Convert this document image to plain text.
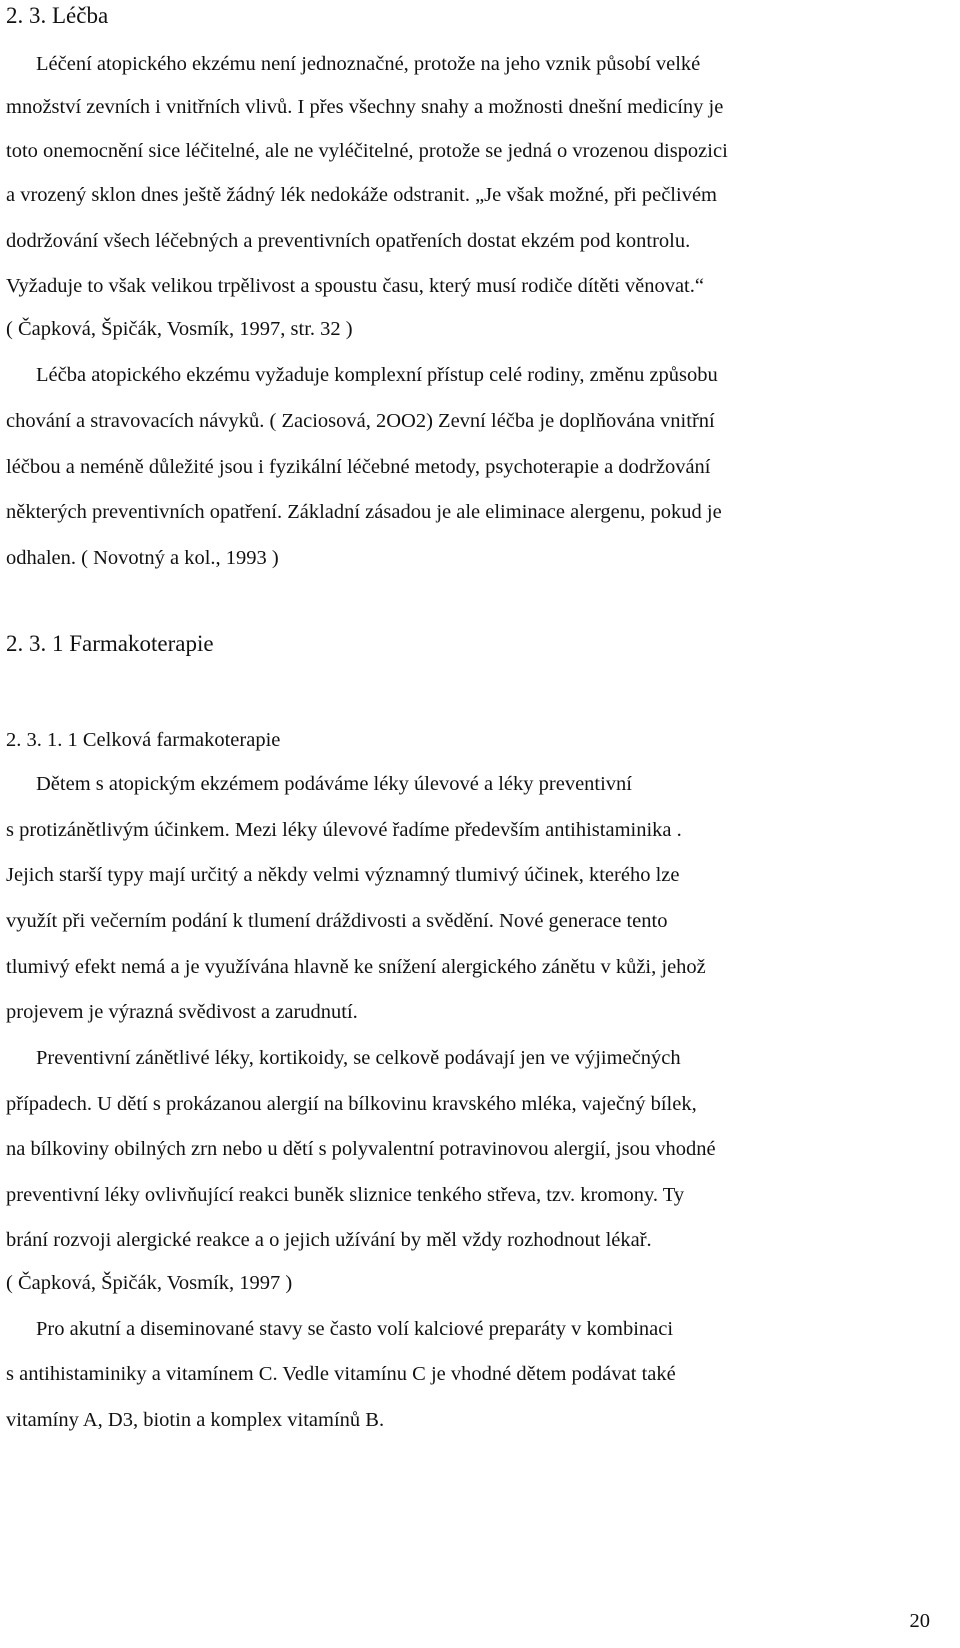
2. 3. Léčba
Léčení atopického ekzému není jednoznačné, protože na jeho vznik působí velké
množství zevních i vnitřních vlivů. I přes všechny snahy a možnosti dnešní medicíny je
toto onemocnění sice léčitelné, ale ne vyléčitelné, protože se jedná o vrozenou dispozici
a vrozený sklon dnes ještě žádný lék nedokáže odstranit. „Je však možné, při pečlivém
dodržování všech léčebných a preventivních opatřeních dostat ekzém pod kontrolu.
Vyžaduje to však velikou trpělivost a spoustu času, který musí rodiče dítěti věnovat.“
( Čapková, Špičák, Vosmík, 1997, str. 32 )
Léčba atopického ekzému vyžaduje komplexní přístup celé rodiny, změnu způsobu
chování a stravovacích návyků. ( Zaciosová, 2OO2) Zevní léčba je doplňována vnitřní
léčbou a neméně důležité jsou i fyzikální léčebné metody, psychoterapie a dodržování
některých preventivních opatření. Základní zásadou je ale eliminace alergenu, pokud je
odhalen. ( Novotný a kol., 1993 )
2. 3. 1 Farmakoterapie
2. 3. 1. 1 Celková farmakoterapie
Dětem s atopickým ekzémem podáváme léky úlevové a léky preventivní
s protizánětlivým účinkem. Mezi léky úlevové řadíme především antihistaminika .
Jejich starší typy mají určitý a někdy velmi významný tlumivý účinek, kterého lze
využít při večerním podání k tlumení dráždivosti a svědění. Nové generace tento
tlumivý efekt nemá a je využívána hlavně ke snížení alergického zánětu v kůži, jehož
projevem je výrazná svědivost a zarudnutí.
Preventivní zánětlivé léky, kortikoidy, se celkově podávají jen ve výjimečných
případech. U dětí s prokázanou alergií na bílkovinu kravského mléka, vaječný bílek,
na bílkoviny obilných zrn nebo u dětí s polyvalentní potravinovou alergií, jsou vhodné
preventivní léky ovlivňující reakci buněk sliznice tenkého střeva, tzv. kromony. Ty
brání rozvoji alergické reakce a o jejich užívání by měl vždy rozhodnout lékař.
( Čapková, Špičák, Vosmík, 1997 )
Pro akutní a diseminované stavy se často volí kalciové preparáty v kombinaci
s antihistaminiky a vitamínem C. Vedle vitamínu C je vhodné dětem podávat také
vitamíny A, D3, biotin a komplex vitamínů B.
20
